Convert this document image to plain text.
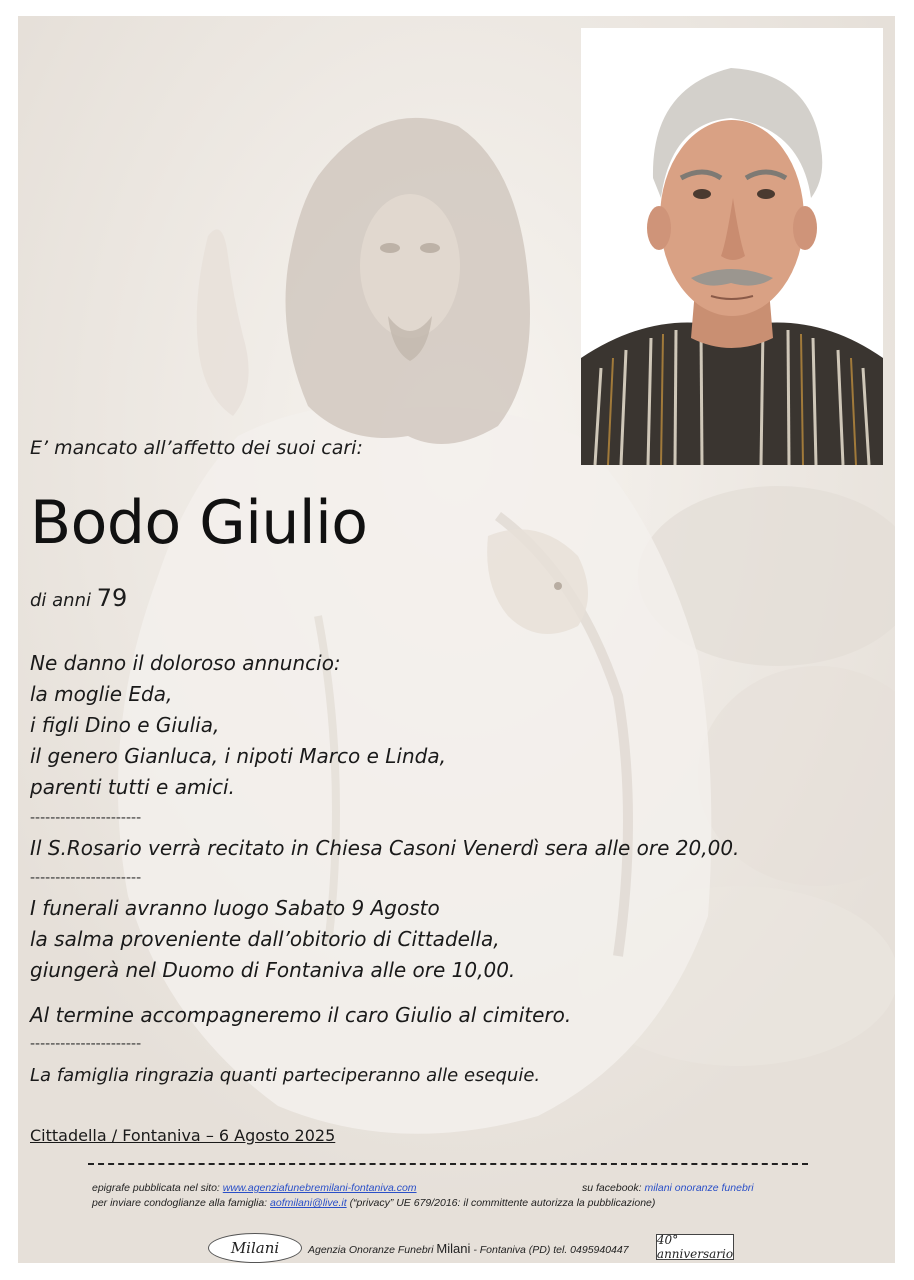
E’ mancato all’affetto dei suoi cari:
Bodo Giulio
di anni 79
Ne danno il doloroso annuncio:
la moglie Eda,
i figli Dino e Giulia,
il genero Gianluca, i nipoti Marco e Linda,
parenti tutti e amici.
----------------------
Il S.Rosario verrà recitato in Chiesa Casoni Venerdì sera alle ore 20,00.
----------------------
I funerali avranno luogo Sabato 9 Agosto
la salma proveniente dall’obitorio di Cittadella,
giungerà nel Duomo di Fontaniva alle ore 10,00.
Al termine accompagneremo il caro Giulio al cimitero.
----------------------
La famiglia ringrazia quanti parteciperanno alle esequie.
Cittadella / Fontaniva – 6 Agosto 2025
epigrafe pubblicata nel sito: www.agenziafunebremilani-fontaniva.com	su facebook: milani onoranze funebri
per inviare condoglianze alla famiglia: aofmilani@live.it (“privacy” UE 679/2016: il committente autorizza la pubblicazione)
Milani	Agenzia Onoranze Funebri Milani - Fontaniva (PD) tel. 0495940447
40° anniversario
